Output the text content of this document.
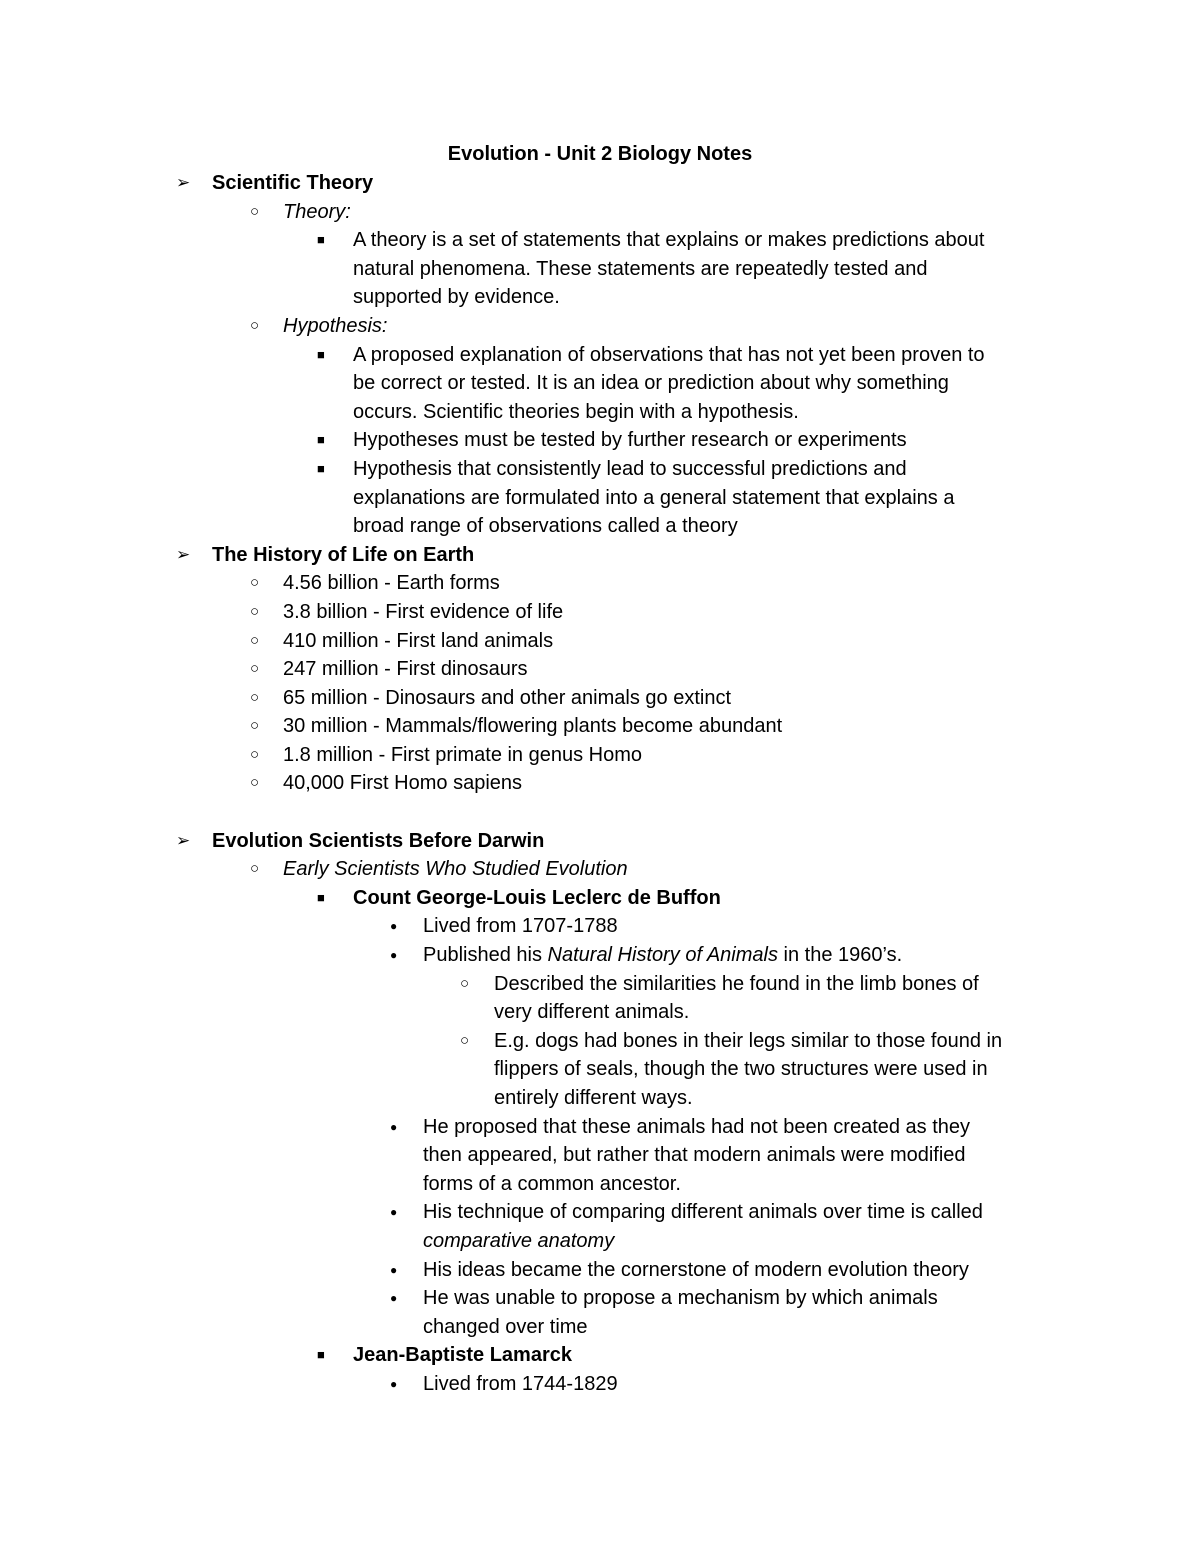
Evolution - Unit 2 Biology Notes
➢	Scientific Theory
○	Theory:
■	A theory is a set of statements that explains or makes predictions about
natural phenomena. These statements are repeatedly tested and
supported by evidence.
○	Hypothesis:
■	A proposed explanation of observations that has not yet been proven to
be correct or tested. It is an idea or prediction about why something
occurs. Scientific theories begin with a hypothesis.
■	Hypotheses must be tested by further research or experiments
■	Hypothesis that consistently lead to successful predictions and
explanations are formulated into a general statement that explains a
broad range of observations called a theory
➢	The History of Life on Earth
○	4.56 billion - Earth forms
○	3.8 billion - First evidence of life
○	410 million - First land animals
○	247 million - First dinosaurs
○	65 million - Dinosaurs and other animals go extinct
○	30 million - Mammals/flowering plants become abundant
○	1.8 million - First primate in genus Homo
○	40,000 First Homo sapiens
➢	Evolution Scientists Before Darwin
○	Early Scientists Who Studied Evolution
■	Count George-Louis Leclerc de Buffon
●	Lived from 1707-1788
●	Published his Natural History of Animals in the 1960’s.
○	Described the similarities he found in the limb bones of
very different animals.
○	E.g. dogs had bones in their legs similar to those found in
flippers of seals, though the two structures were used in
entirely different ways.
●	He proposed that these animals had not been created as they
then appeared, but rather that modern animals were modified
forms of a common ancestor.
●	His technique of comparing different animals over time is called
comparative anatomy
●	His ideas became the cornerstone of modern evolution theory
●	He was unable to propose a mechanism by which animals
changed over time
■	Jean-Baptiste Lamarck
●	Lived from 1744-1829
